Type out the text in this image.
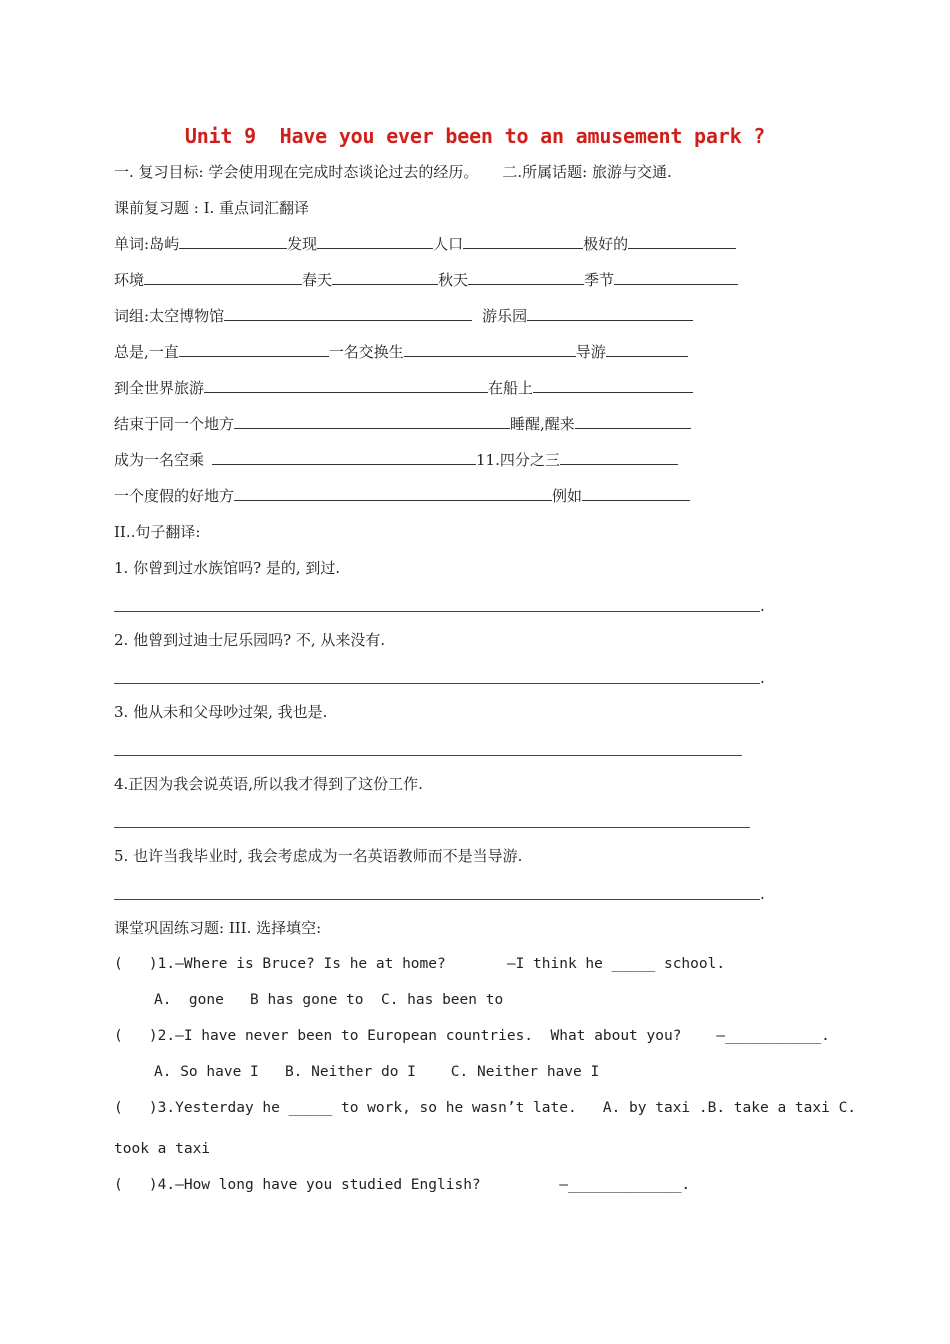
Unit 9  Have you ever been to an amusement park ?
一. 复习目标: 学会使用现在完成时态谈论过去的经历。 二.所属话题: 旅游与交通.
课前复习题 : I. 重点词汇翻译
单词:岛屿	发现	人口	极好的
环境	春天	秋天	季节
词组:太空博物馆	游乐园
总是,一直	一名交换生	导游
到全世界旅游	在船上
结束于同一个地方	睡醒,醒来
成为一名空乘	11.四分之三
一个度假的好地方	例如
II..句子翻译:
1. 你曾到过水族馆吗? 是的, 到过.
.
2. 他曾到过迪士尼乐园吗? 不, 从来没有.
.
3. 他从未和父母吵过架, 我也是.
4.正因为我会说英语,所以我才得到了这份工作.
5. 也许当我毕业时, 我会考虑成为一名英语教师而不是当导游.
.
课堂巩固练习题: III. 选择填空:
(   )1.—Where is Bruce? Is he at home?       —I think he _____ school.
A.  gone   B has gone to  C. has been to
(   )2.—I have never been to European countries.  What about you?    —___________.
A. So have I   B. Neither do I    C. Neither have I
(   )3.Yesterday he _____ to work, so he wasn’t late.   A. by taxi .B. take a taxi C.
took a taxi
(   )4.—How long have you studied English?         —_____________.
